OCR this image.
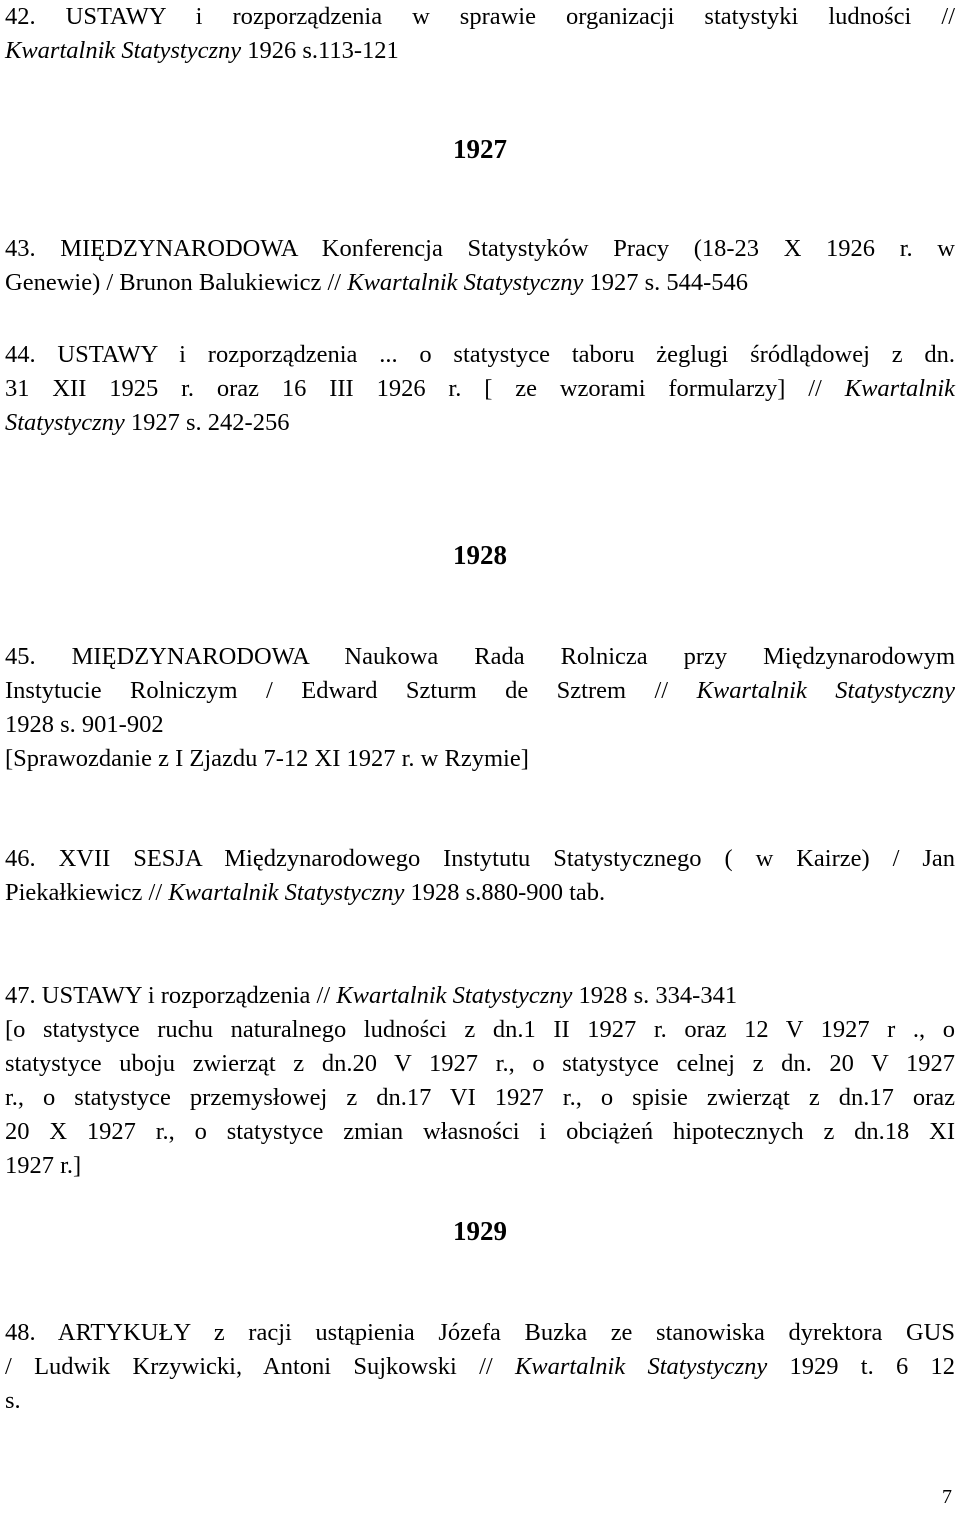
42. USTAWY i rozporządzenia w sprawie organizacji statystyki ludności //
Kwartalnik Statystyczny 1926 s.113-121
1927
43. MIĘDZYNARODOWA Konferencja Statystyków Pracy (18-23 X 1926 r. w
Genewie) / Brunon Balukiewicz // Kwartalnik Statystyczny 1927 s. 544-546
44. USTAWY i rozporządzenia ... o statystyce taboru żeglugi śródlądowej z dn.
31 XII 1925 r. oraz 16 III 1926 r. [ ze wzorami formularzy] // Kwartalnik
Statystyczny 1927 s. 242-256
1928
45. MIĘDZYNARODOWA Naukowa Rada Rolnicza przy Międzynarodowym
Instytucie Rolniczym / Edward Szturm de Sztrem // Kwartalnik Statystyczny
1928 s. 901-902
[Sprawozdanie z I Zjazdu 7-12 XI 1927 r. w Rzymie]
46. XVII SESJA Międzynarodowego Instytutu Statystycznego ( w Kairze) / Jan
Piekałkiewicz // Kwartalnik Statystyczny 1928 s.880-900 tab.
47. USTAWY i rozporządzenia // Kwartalnik Statystyczny 1928 s. 334-341
[o statystyce ruchu naturalnego ludności z dn.1 II 1927 r. oraz 12 V 1927 r ., o
statystyce uboju zwierząt z dn.20 V 1927 r., o statystyce celnej z dn. 20 V 1927
r., o statystyce przemysłowej z dn.17 VI 1927 r., o spisie zwierząt z dn.17 oraz
20 X 1927 r., o statystyce zmian własności i obciążeń hipotecznych z dn.18 XI
1927 r.]
1929
48. ARTYKUŁY z racji ustąpienia Józefa Buzka ze stanowiska dyrektora GUS
/ Ludwik Krzywicki, Antoni Sujkowski // Kwartalnik Statystyczny 1929 t. 6 12
s.
7
